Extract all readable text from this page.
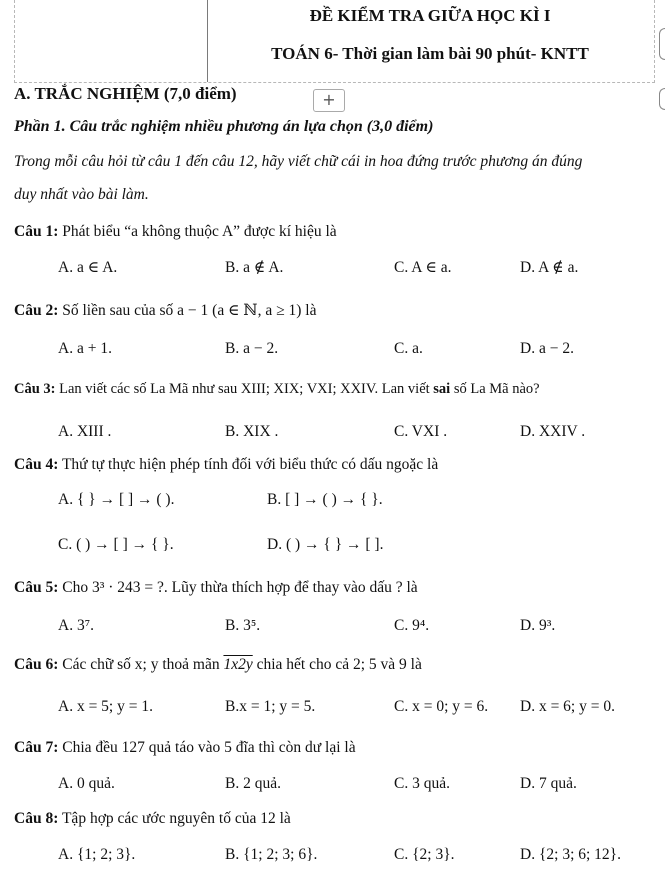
ĐỀ KIỂM TRA GIỮA HỌC KÌ I
TOÁN 6- Thời gian làm bài 90 phút- KNTT
A. TRẮC NGHIỆM (7,0 điểm)	+
Phần 1. Câu trắc nghiệm nhiều phương án lựa chọn (3,0 điểm)
Trong mỗi câu hỏi từ câu 1 đến câu 12, hãy viết chữ cái in hoa đứng trước phương án đúng
duy nhất vào bài làm.
Câu 1: Phát biểu “a không thuộc A” được kí hiệu là
A. a ∈ A.	B. a ∉ A.	C. A ∈ a.	D. A ∉ a.
Câu 2: Số liền sau của số a − 1 (a ∈ ℕ, a ≥ 1) là
A. a + 1.	B. a − 2.	C. a.	D. a − 2.
Câu 3: Lan viết các số La Mã như sau XIII; XIX; VXI; XXIV. Lan viết sai số La Mã nào?
A. XIII .	B. XIX .	C. VXI .	D. XXIV .
Câu 4: Thứ tự thực hiện phép tính đối với biểu thức có dấu ngoặc là
A. { } → [ ] → ( ).	B. [ ] → ( ) → { }.
C. ( ) → [ ] → { }.	D. ( ) → { } → [ ].
Câu 5: Cho 3³ · 243 = ?. Lũy thừa thích hợp để thay vào dấu ? là
A. 3⁷.	B. 3⁵.	C. 9⁴.	D. 9³.
Câu 6: Các chữ số x; y thoả mãn 1x2y chia hết cho cả 2; 5 và 9 là
A. x = 5; y = 1.	B.x = 1; y = 5.	C. x = 0; y = 6. D. x = 6; y = 0.
Câu 7: Chia đều 127 quả táo vào 5 đĩa thì còn dư lại là
A. 0 quả.	B. 2 quả.	C. 3 quả.	D. 7 quả.
Câu 8: Tập hợp các ước nguyên tố của 12 là
A. {1; 2; 3}.	B. {1; 2; 3; 6}.	C. {2; 3}.	D. {2; 3; 6; 12}.
